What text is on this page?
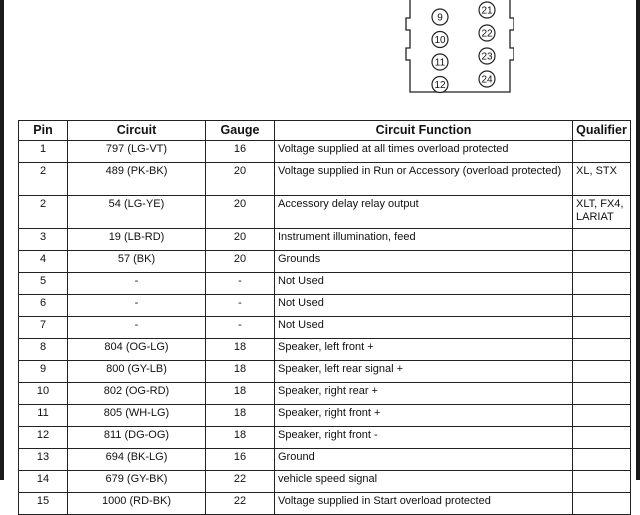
9
10
11
12
21
22
23
24
Pin	Circuit	Gauge	Circuit Function	Qualifier
1	797 (LG-VT)	16	Voltage supplied at all times overload protected	
2	489 (PK-BK)	20	Voltage supplied in Run or Accessory (overload protected)	XL, STX
2	54 (LG-YE)	20	Accessory delay relay output	XLT, FX4, LARIAT
3	19 (LB-RD)	20	Instrument illumination, feed	
4	57 (BK)	20	Grounds	
5	-	-	Not Used	
6	-	-	Not Used	
7	-	-	Not Used	
8	804 (OG-LG)	18	Speaker, left front +	
9	800 (GY-LB)	18	Speaker, left rear signal +	
10	802 (OG-RD)	18	Speaker, right rear +	
11	805 (WH-LG)	18	Speaker, right front +	
12	811 (DG-OG)	18	Speaker, right front -	
13	694 (BK-LG)	16	Ground	
14	679 (GY-BK)	22	vehicle speed signal	
15	1000 (RD-BK)	22	Voltage supplied in Start overload protected	
